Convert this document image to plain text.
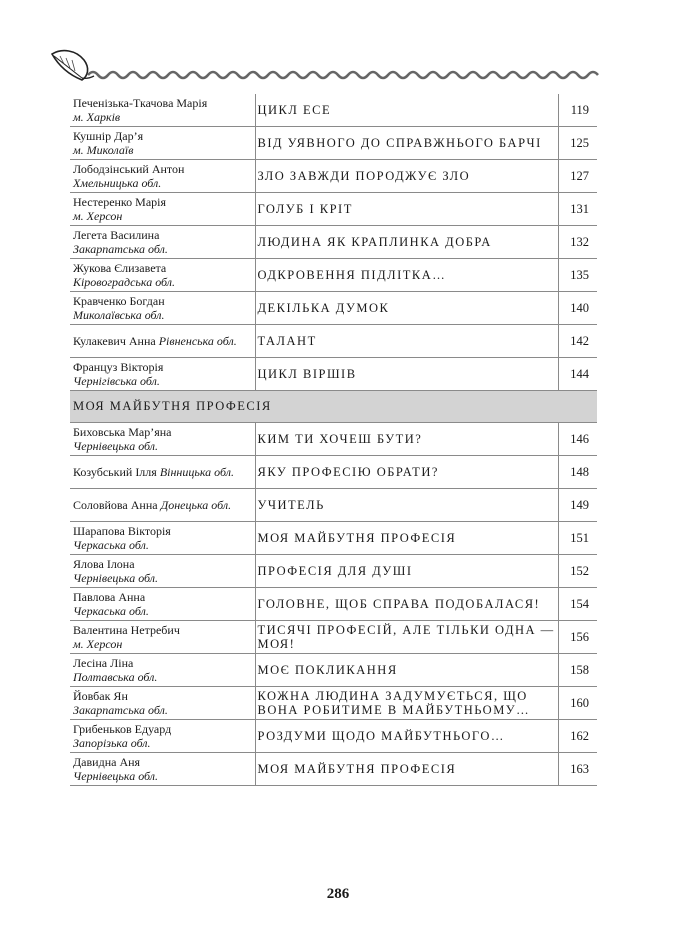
Печенізька-Ткачова Марія
м. Харків	ЦИКЛ ЕСЕ	119

Кушнір Дар’я
м. Миколаїв	ВІД УЯВНОГО ДО СПРАВЖНЬОГО БАРЧІ	125

Лободзінський Антон
Хмельницька обл.	ЗЛО ЗАВЖДИ ПОРОДЖУЄ ЗЛО	127

Нестеренко Марія
м. Херсон	ГОЛУБ І КРІТ	131

Легета Василина
Закарпатська обл.	ЛЮДИНА ЯК КРАПЛИНКА ДОБРА	132

Жукова Єлизавета
Кіровоградська обл.	ОДКРОВЕННЯ ПІДЛІТКА…	135

Кравченко Богдан
Миколаївська обл.	ДЕКІЛЬКА ДУМОК	140
Кулакевич Анна Рівненська обл.	ТАЛАНТ	142

Француз Вікторія
Чернігівська обл.	ЦИКЛ ВІРШІВ	144
МОЯ МАЙБУТНЯ ПРОФЕСІЯ		

Биховська Мар’яна
Чернівецька обл.	КИМ ТИ ХОЧЕШ БУТИ?	146
Козубський Ілля Вінницька обл.	ЯКУ ПРОФЕСІЮ ОБРАТИ?	148
Соловйова Анна Донецька обл.	УЧИТЕЛЬ	149

Шарапова Вікторія
Черкаська обл.	МОЯ МАЙБУТНЯ ПРОФЕСІЯ	151

Ялова Ілона
Чернівецька обл.	ПРОФЕСІЯ ДЛЯ ДУШІ	152

Павлова Анна
Черкаська обл.	ГОЛОВНЕ, ЩОБ СПРАВА ПОДОБАЛАСЯ!	154

Валентина Нетребич
м. Херсон	ТИСЯЧІ ПРОФЕСІЙ, АЛЕ ТІЛЬКИ ОДНА — МОЯ!	156

Лесіна Ліна
Полтавська обл.	МОЄ ПОКЛИКАННЯ	158

Йовбак Ян
Закарпатська обл.	КОЖНА ЛЮДИНА ЗАДУМУЄТЬСЯ, ЩО ВОНА РОБИТИМЕ В МАЙБУТНЬОМУ…	160

Грибеньков Едуард
Запорізька обл.	РОЗДУМИ ЩОДО МАЙБУТНЬОГО…	162

Давидна Аня
Чернівецька обл.	МОЯ МАЙБУТНЯ ПРОФЕСІЯ	163
286
